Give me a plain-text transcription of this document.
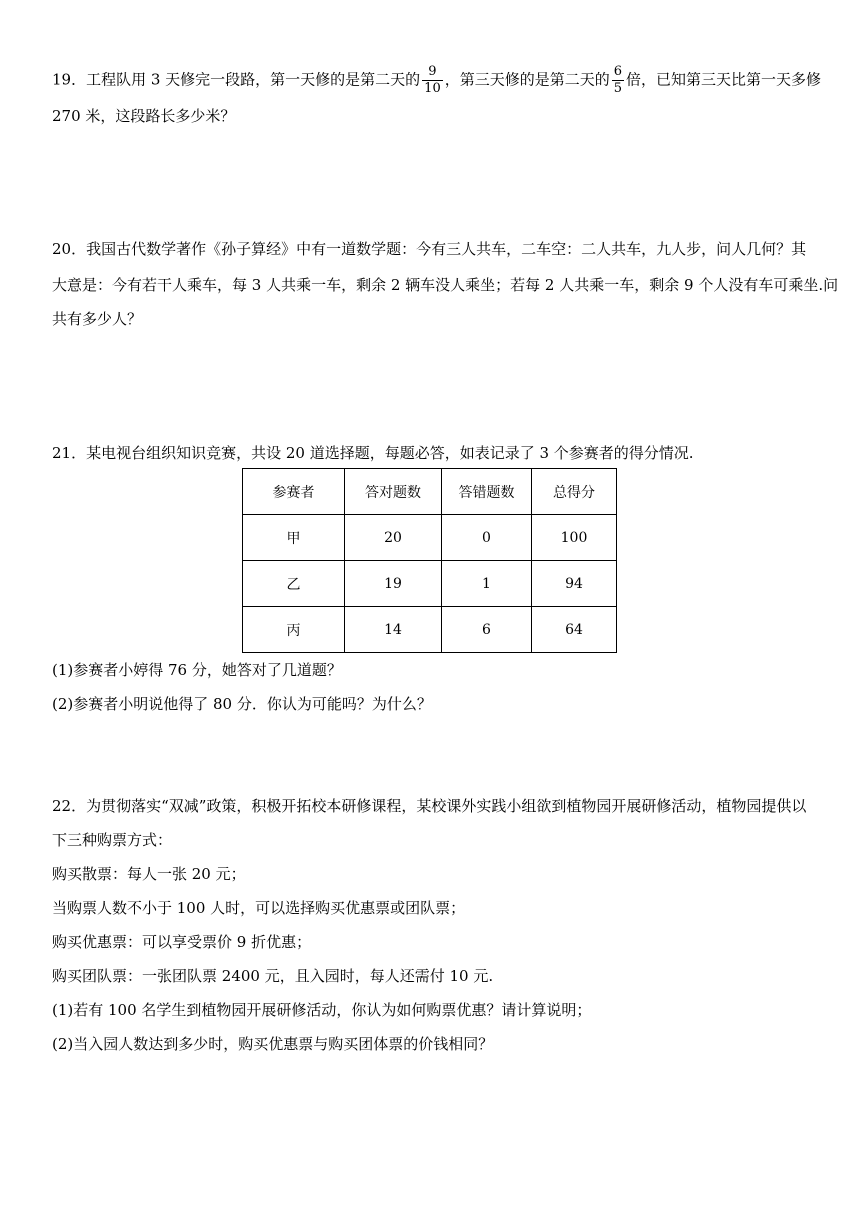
19．工程队用 3 天修完一段路，第一天修的是第二天的 $\frac{9}{10}$ ，第三天修的是第二天的 $\frac{6}{5}$ 倍，已知第三天比第一天多修
270 米，这段路长多少米？
20．我国古代数学著作《孙子算经》中有一道数学题：今有三人共车，二车空：二人共车，九人步，问人几何？其
大意是：今有若干人乘车，每 3 人共乘一车，剩余 2 辆车没人乘坐；若每 2 人共乘一车，剩余 9 个人没有车可乘坐.问
共有多少人？
21．某电视台组织知识竞赛，共设 20 道选择题，每题必答，如表记录了 3 个参赛者的得分情况.
参赛者	答对题数	答错题数	总得分
甲	20	0	100
乙	19	1	94
丙	14	6	64
(1)参赛者小婷得 76 分，她答对了几道题？
(2)参赛者小明说他得了 80 分．你认为可能吗？为什么？
22．为贯彻落实“双减”政策，积极开拓校本研修课程，某校课外实践小组欲到植物园开展研修活动，植物园提供以
下三种购票方式：
购买散票：每人一张 20 元；
当购票人数不小于 100 人时，可以选择购买优惠票或团队票；
购买优惠票：可以享受票价 9 折优惠；
购买团队票：一张团队票 2400 元，且入园时，每人还需付 10 元.
(1)若有 100 名学生到植物园开展研修活动，你认为如何购票优惠？请计算说明；
(2)当入园人数达到多少时，购买优惠票与购买团体票的价钱相同？
